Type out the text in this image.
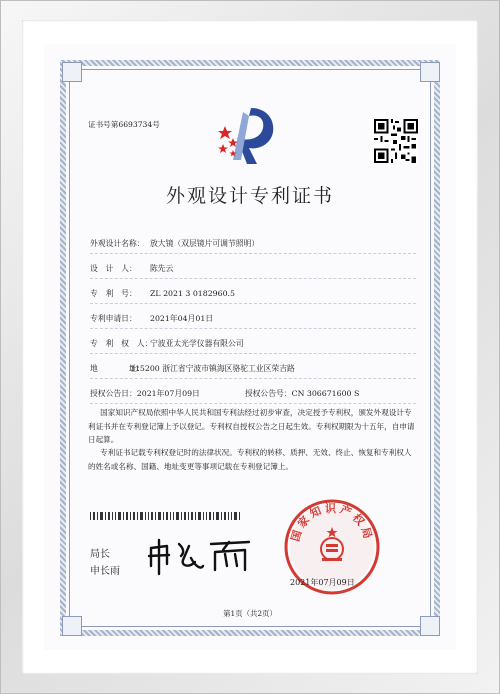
证书号第6693734号
外观设计专利证书
外观设计名称： 放大镜（双层镜片可调节照明）
设　计　人： 陈先云
专　利　号： ZL 2021 3 0182960.5
专利申请日： 2021年04月01日
专　利　权　人：宁波亚太光学仪器有限公司
地　　　　址：315200 浙江省宁波市镇海区骆驼工业区荣吉路
授权公告日：2021年07月09日	授权公告号：CN 306671600 S
国家知识产权局依照中华人民共和国专利法经过初步审查，决定授予专利权，颁发外观设计专利证书并在专利登记簿上予以登记。专利权自授权公告之日起生效。专利权期限为十五年，自申请日起算。
专利证书记载专利权登记时的法律状况。专利权的转移、质押、无效、终止、恢复和专利权人的姓名或名称、国籍、地址变更等事项记载在专利登记簿上。
局长
申长雨
国家知识产权局
2021年07月09日
第1页（共2页）
